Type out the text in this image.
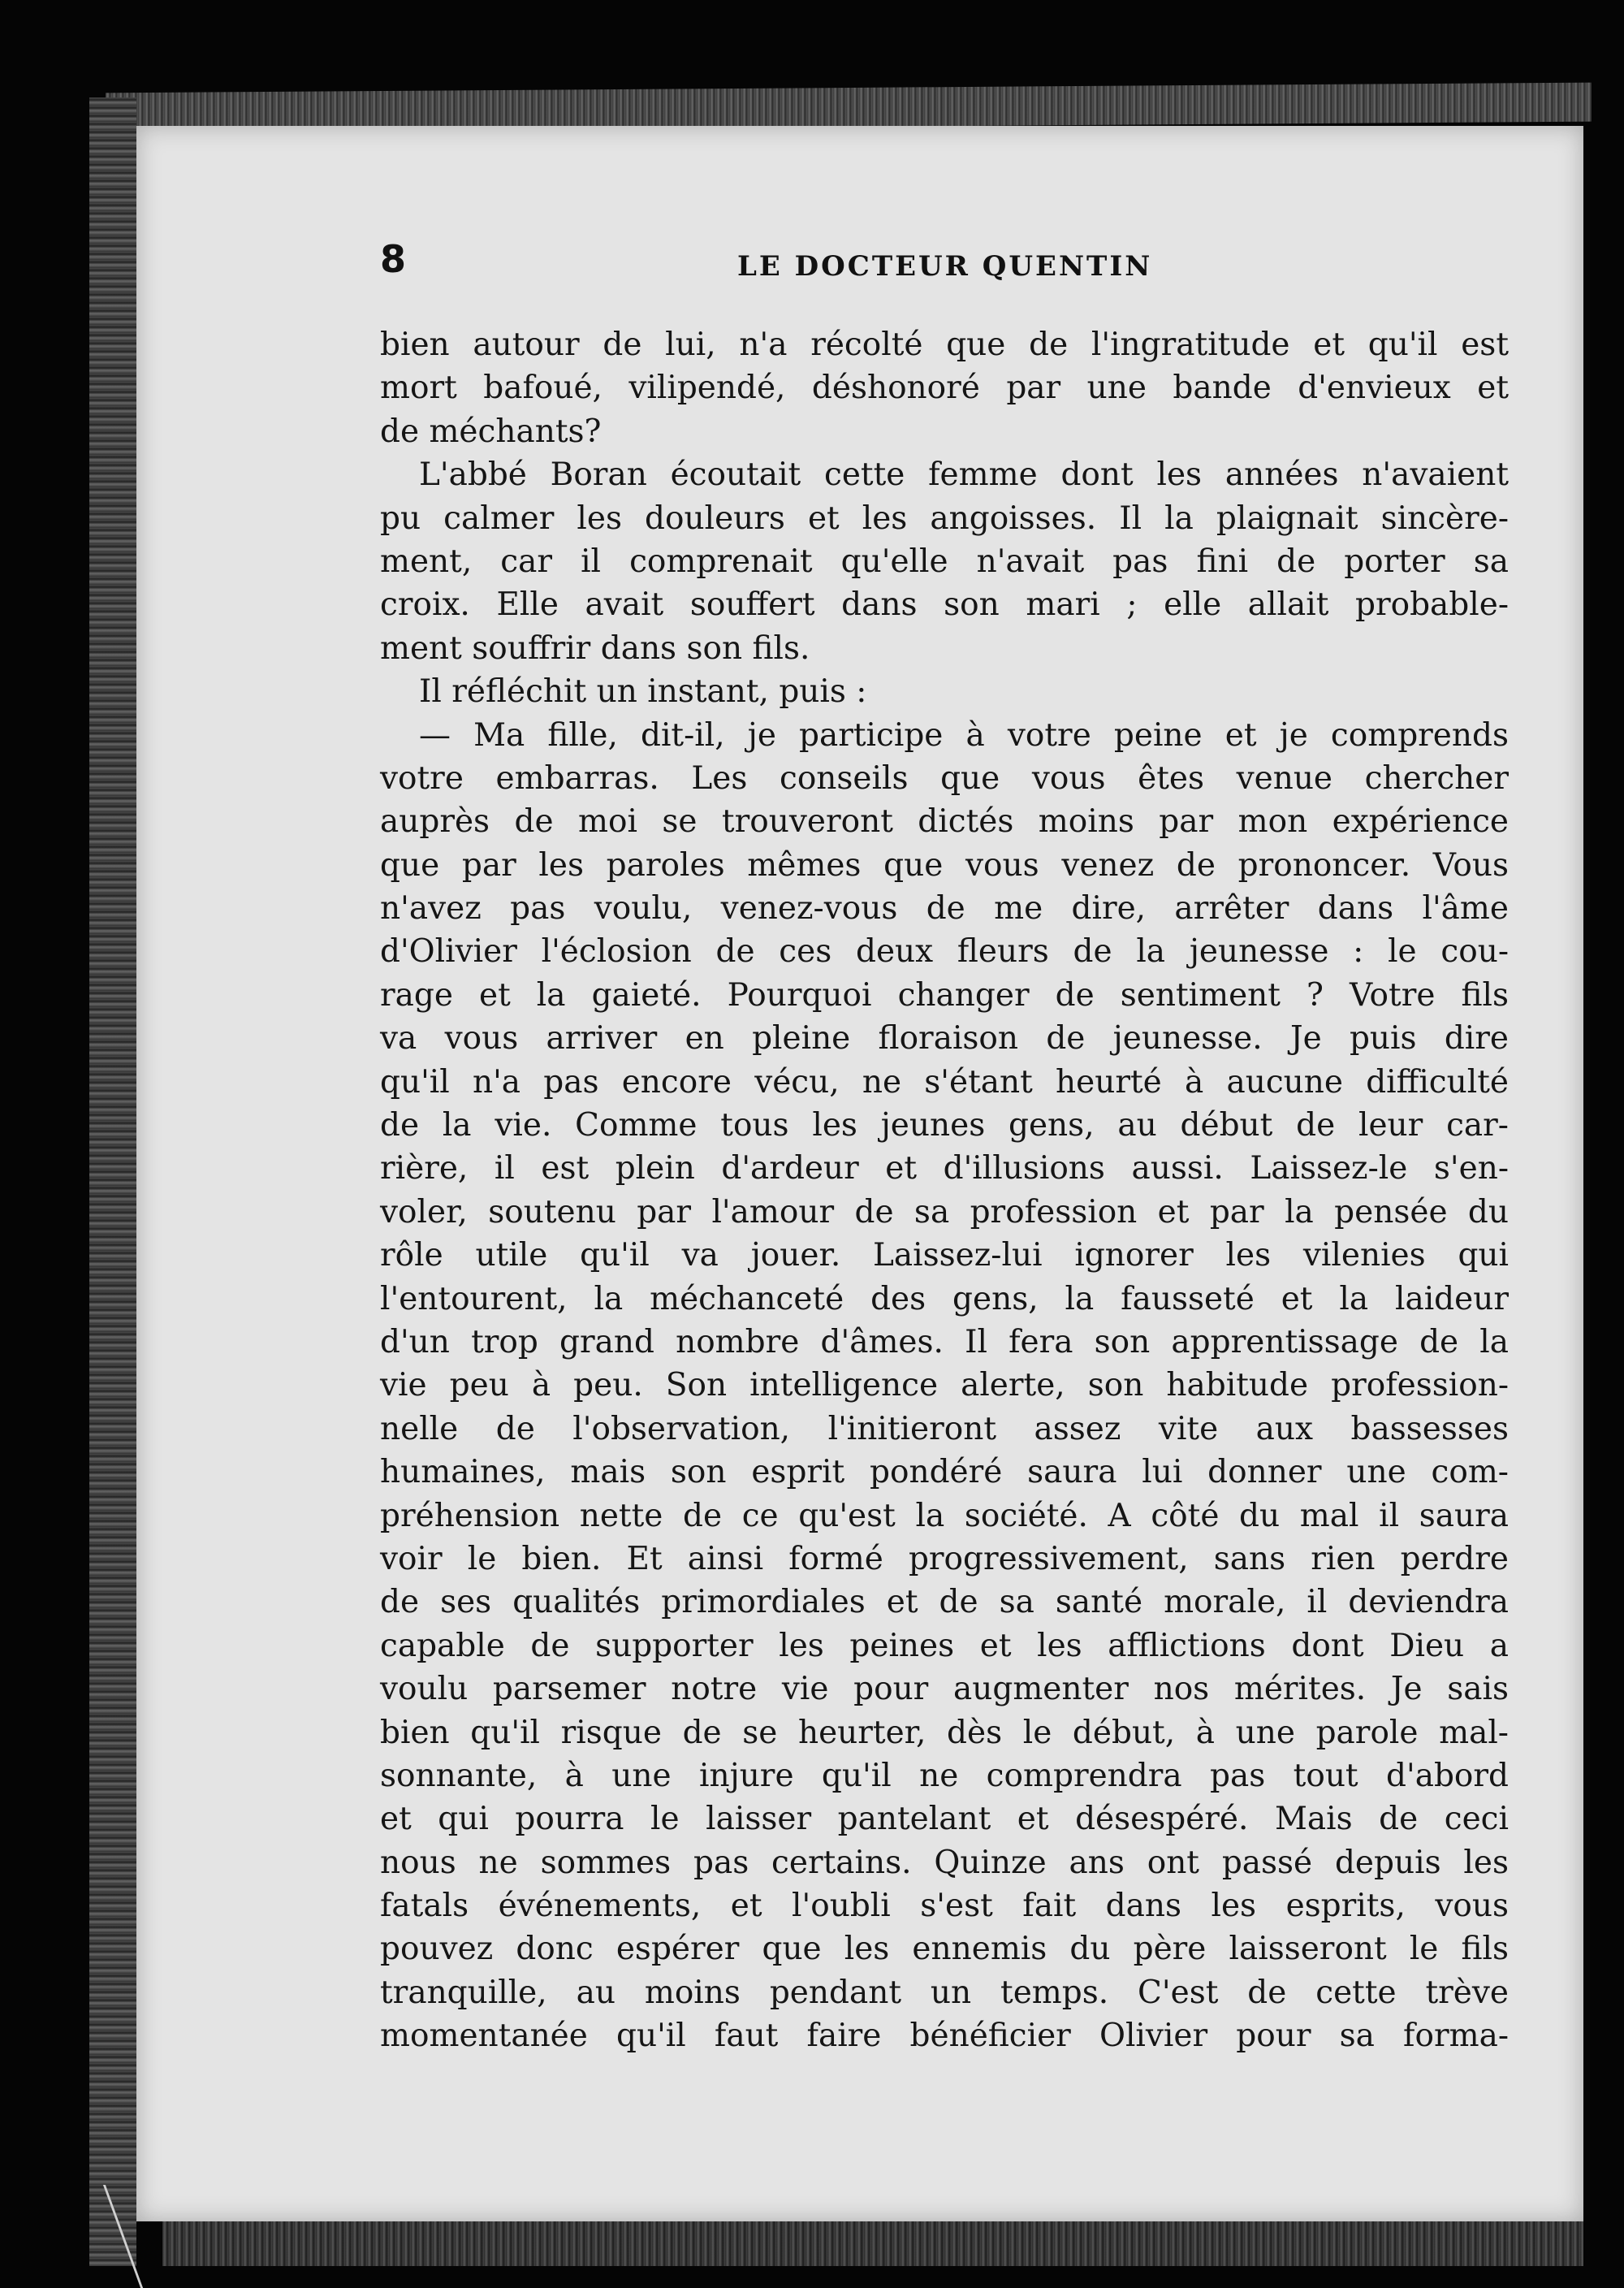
8	LE DOCTEUR QUENTIN
bien autour de lui, n'a récolté que de l'ingratitude et qu'il est
mort bafoué, vilipendé, déshonoré par une bande d'envieux et
de méchants?
L'abbé Boran écoutait cette femme dont les années n'avaient
pu calmer les douleurs et les angoisses. Il la plaignait sincère-
ment, car il comprenait qu'elle n'avait pas fini de porter sa
croix. Elle avait souffert dans son mari ; elle allait probable-
ment souffrir dans son fils.
Il réfléchit un instant, puis :
— Ma fille, dit-il, je participe à votre peine et je comprends
votre embarras. Les conseils que vous êtes venue chercher
auprès de moi se trouveront dictés moins par mon expérience
que par les paroles mêmes que vous venez de prononcer. Vous
n'avez pas voulu, venez-vous de me dire, arrêter dans l'âme
d'Olivier l'éclosion de ces deux fleurs de la jeunesse : le cou-
rage et la gaieté. Pourquoi changer de sentiment ? Votre fils
va vous arriver en pleine floraison de jeunesse. Je puis dire
qu'il n'a pas encore vécu, ne s'étant heurté à aucune difficulté
de la vie. Comme tous les jeunes gens, au début de leur car-
rière, il est plein d'ardeur et d'illusions aussi. Laissez-le s'en-
voler, soutenu par l'amour de sa profession et par la pensée du
rôle utile qu'il va jouer. Laissez-lui ignorer les vilenies qui
l'entourent, la méchanceté des gens, la fausseté et la laideur
d'un trop grand nombre d'âmes. Il fera son apprentissage de la
vie peu à peu. Son intelligence alerte, son habitude profession-
nelle de l'observation, l'initieront assez vite aux bassesses
humaines, mais son esprit pondéré saura lui donner une com-
préhension nette de ce qu'est la société. A côté du mal il saura
voir le bien. Et ainsi formé progressivement, sans rien perdre
de ses qualités primordiales et de sa santé morale, il deviendra
capable de supporter les peines et les afflictions dont Dieu a
voulu parsemer notre vie pour augmenter nos mérites. Je sais
bien qu'il risque de se heurter, dès le début, à une parole mal-
sonnante, à une injure qu'il ne comprendra pas tout d'abord
et qui pourra le laisser pantelant et désespéré. Mais de ceci
nous ne sommes pas certains. Quinze ans ont passé depuis les
fatals événements, et l'oubli s'est fait dans les esprits, vous
pouvez donc espérer que les ennemis du père laisseront le fils
tranquille, au moins pendant un temps. C'est de cette trève
momentanée qu'il faut faire bénéficier Olivier pour sa forma-
